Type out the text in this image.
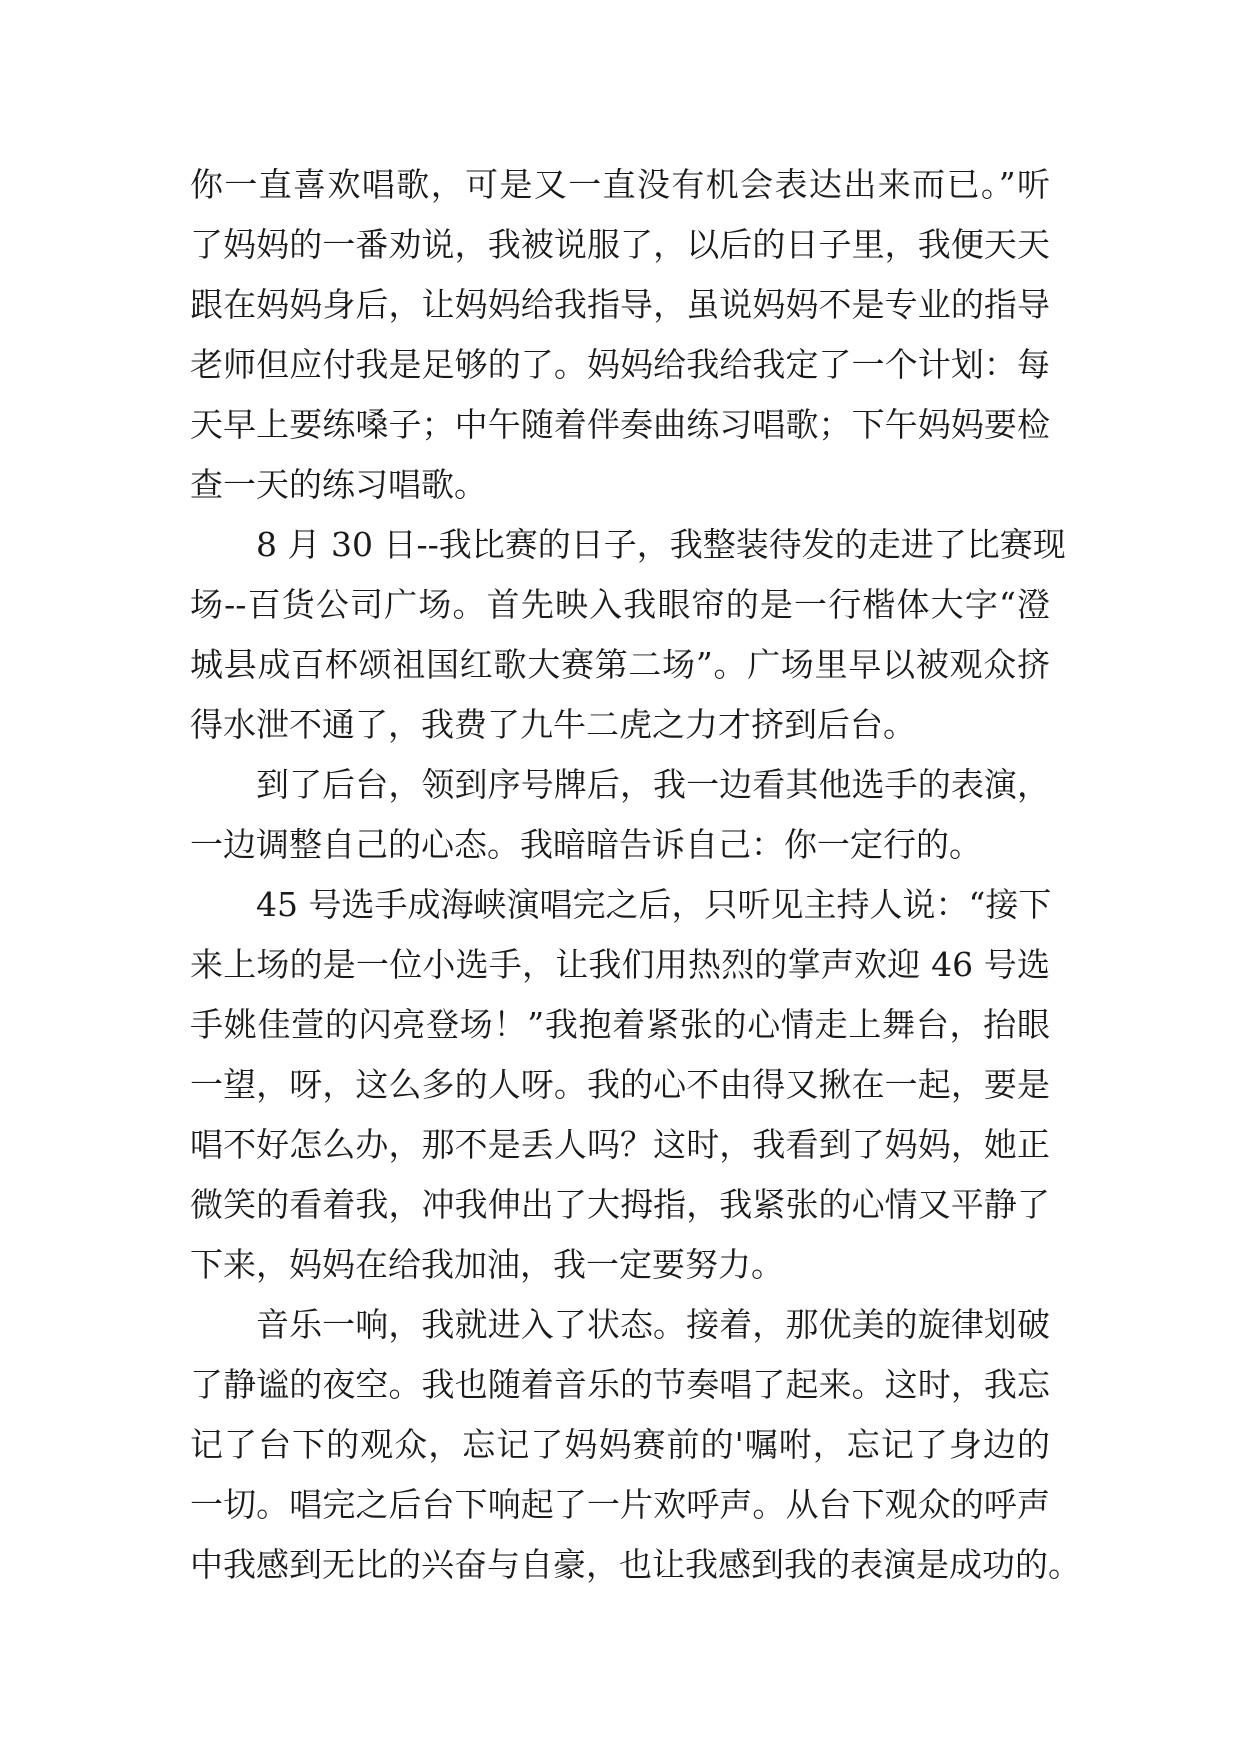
你一直喜欢唱歌，可是又一直没有机会表达出来而已。”听
了妈妈的一番劝说，我被说服了，以后的日子里，我便天天
跟在妈妈身后，让妈妈给我指导，虽说妈妈不是专业的指导
老师但应付我是足够的了。妈妈给我给我定了一个计划：每
天早上要练嗓子；中午随着伴奏曲练习唱歌；下午妈妈要检
查一天的练习唱歌。
8 月 30 日--我比赛的日子，我整装待发的走进了比赛现
场--百货公司广场。首先映入我眼帘的是一行楷体大字“澄
城县成百杯颂祖国红歌大赛第二场”。广场里早以被观众挤
得水泄不通了，我费了九牛二虎之力才挤到后台。
到了后台，领到序号牌后，我一边看其他选手的表演，
一边调整自己的心态。我暗暗告诉自己：你一定行的。
45 号选手成海峡演唱完之后，只听见主持人说：“接下
来上场的是一位小选手，让我们用热烈的掌声欢迎 46 号选
手姚佳萱的闪亮登场！”我抱着紧张的心情走上舞台，抬眼
一望，呀，这么多的人呀。我的心不由得又揪在一起，要是
唱不好怎么办，那不是丢人吗？这时，我看到了妈妈，她正
微笑的看着我，冲我伸出了大拇指，我紧张的心情又平静了
下来，妈妈在给我加油，我一定要努力。
音乐一响，我就进入了状态。接着，那优美的旋律划破
了静谧的夜空。我也随着音乐的节奏唱了起来。这时，我忘
记了台下的观众，忘记了妈妈赛前的'嘱咐，忘记了身边的
一切。唱完之后台下响起了一片欢呼声。从台下观众的呼声
中我感到无比的兴奋与自豪，也让我感到我的表演是成功的。
